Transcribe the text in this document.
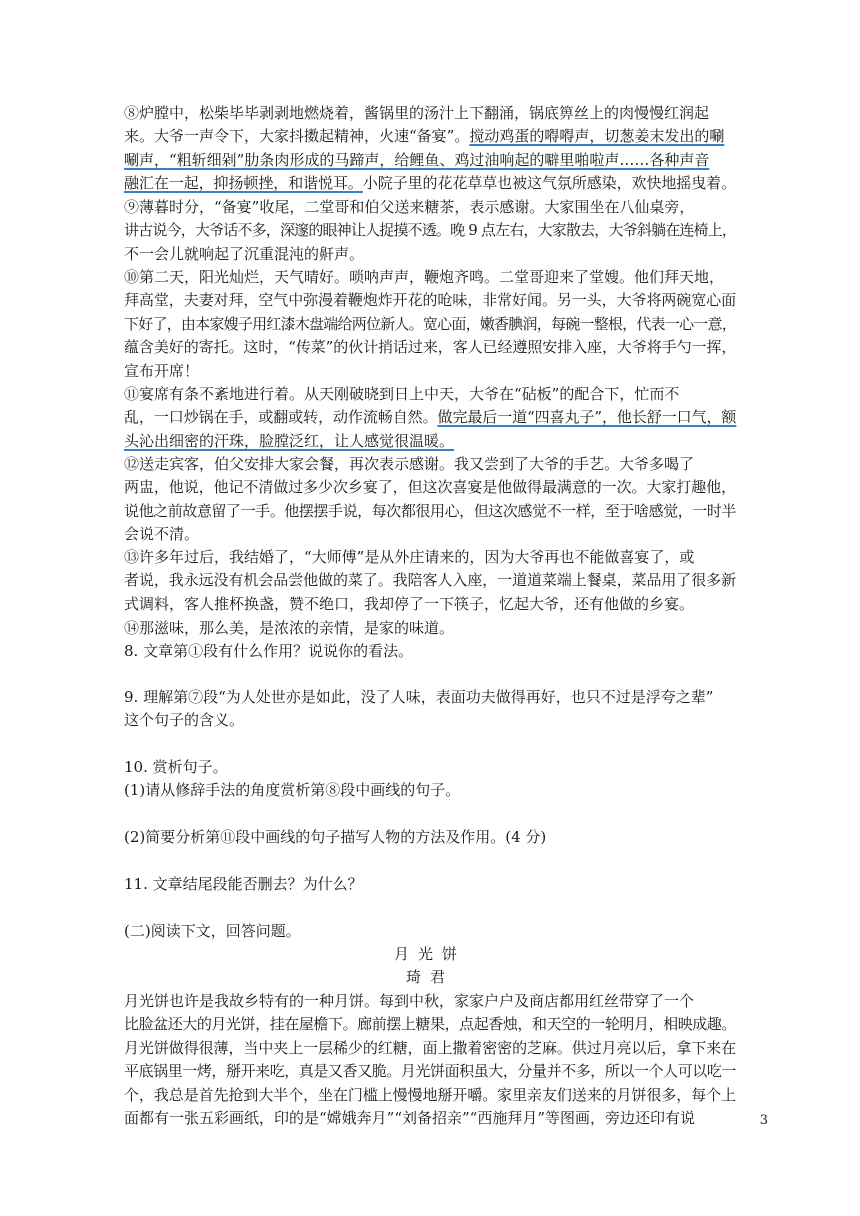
⑧炉膛中，松柴毕毕剥剥地燃烧着，酱锅里的汤汁上下翻涌，锅底箅丝上的肉慢慢红润起
来。大爷一声令下，大家抖擞起精神，火速“备宴”。搅动鸡蛋的嘚嘚声，切葱姜末发出的唰
唰声，“粗斩细剁”肋条肉形成的马蹄声，给鲤鱼、鸡过油响起的噼里啪啦声……各种声音
融汇在一起，抑扬顿挫，和谐悦耳。小院子里的花花草草也被这气氛所感染，欢快地摇曳着。
⑨薄暮时分，“备宴”收尾，二堂哥和伯父送来糖茶，表示感谢。大家围坐在八仙桌旁，
讲古说今，大爷话不多，深邃的眼神让人捉摸不透。晚 9 点左右，大家散去，大爷斜躺在连椅上，
不一会儿就响起了沉重混沌的鼾声。
⑩第二天，阳光灿烂，天气晴好。唢呐声声，鞭炮齐鸣。二堂哥迎来了堂嫂。他们拜天地，
拜高堂，夫妻对拜，空气中弥漫着鞭炮炸开花的呛味，非常好闻。另一头，大爷将两碗宽心面
下好了，由本家嫂子用红漆木盘端给两位新人。宽心面，嫩香腆润，每碗一整根，代表一心一意，
蕴含美好的寄托。这时，“传菜”的伙计捎话过来，客人已经遵照安排入座，大爷将手勺一挥，
宣布开席！
⑪宴席有条不紊地进行着。从天刚破晓到日上中天，大爷在“砧板”的配合下，忙而不
乱，一口炒锅在手，或翻或转，动作流畅自然。做完最后一道“四喜丸子”，他长舒一口气，额
头沁出细密的汗珠，脸膛泛红，让人感觉很温暖。
⑫送走宾客，伯父安排大家会餐，再次表示感谢。我又尝到了大爷的手艺。大爷多喝了
两盅，他说，他记不清做过多少次乡宴了，但这次喜宴是他做得最满意的一次。大家打趣他，
说他之前故意留了一手。他摆摆手说，每次都很用心，但这次感觉不一样，至于啥感觉，一时半
会说不清。
⑬许多年过后，我结婚了，“大师傅”是从外庄请来的，因为大爷再也不能做喜宴了，或
者说，我永远没有机会品尝他做的菜了。我陪客人入座，一道道菜端上餐桌，菜品用了很多新
式调料，客人推杯换盏，赞不绝口，我却停了一下筷子，忆起大爷，还有他做的乡宴。
⑭那滋味，那么美，是浓浓的亲情，是家的味道。
8. 文章第①段有什么作用？说说你的看法。
9. 理解第⑦段“为人处世亦是如此，没了人味，表面功夫做得再好，也只不过是浮夸之辈”
这个句子的含义。
10. 赏析句子。
(1)请从修辞手法的角度赏析第⑧段中画线的句子。
(2)简要分析第⑪段中画线的句子描写人物的方法及作用。(4 分)
11. 文章结尾段能否删去？为什么？
(二)阅读下文，回答问题。
月光饼
琦君
月光饼也许是我故乡特有的一种月饼。每到中秋，家家户户及商店都用红丝带穿了一个
比脸盆还大的月光饼，挂在屋檐下。廊前摆上糖果，点起香烛，和天空的一轮明月，相映成趣。
月光饼做得很薄，当中夹上一层稀少的红糖，面上撒着密密的芝麻。供过月亮以后，拿下来在
平底锅里一烤，掰开来吃，真是又香又脆。月光饼面积虽大，分量并不多，所以一个人可以吃一
个，我总是首先抢到大半个，坐在门槛上慢慢地掰开嚼。家里亲友们送来的月饼很多，每个上
面都有一张五彩画纸，印的是“嫦娥奔月”“刘备招亲”“西施拜月”等图画，旁边还印有说	3
